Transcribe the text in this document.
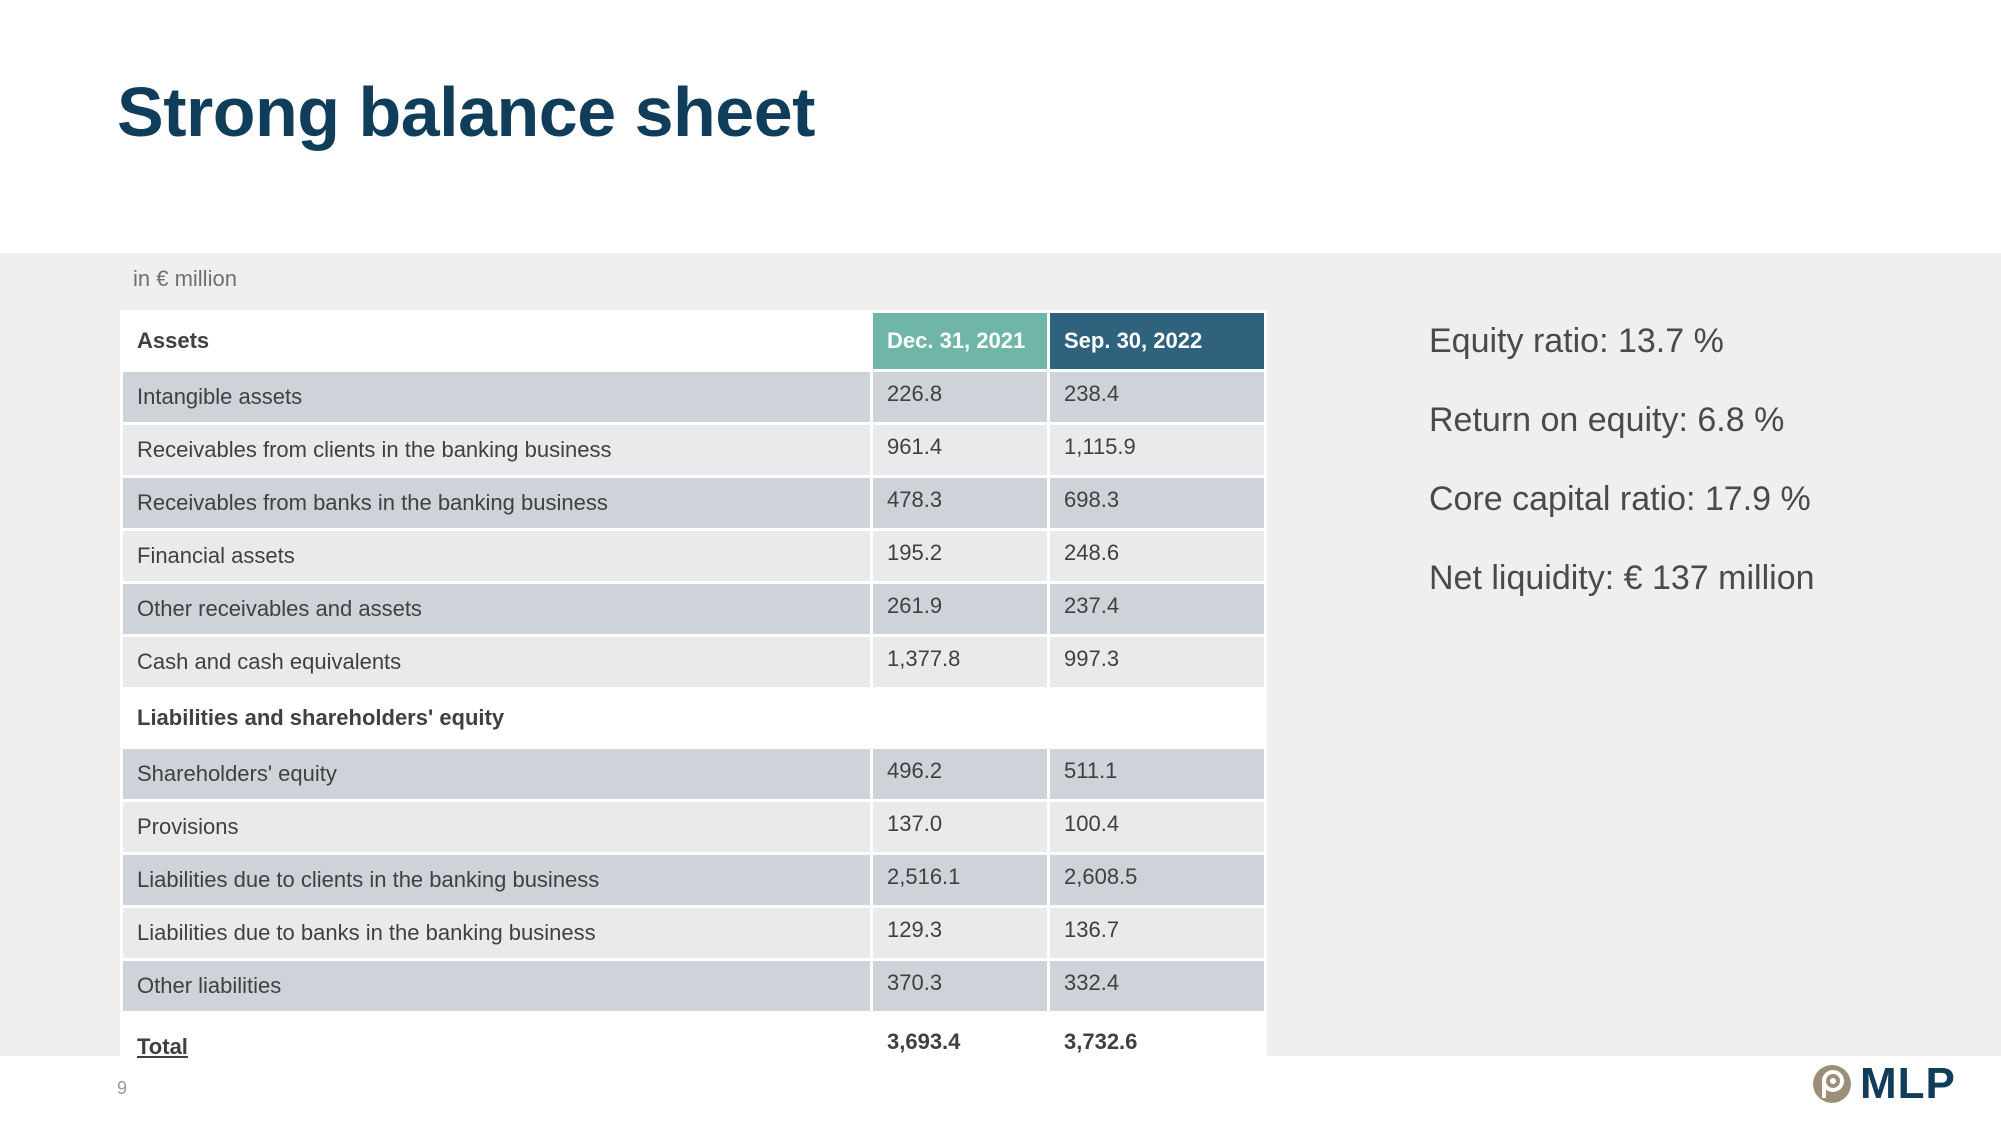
Strong balance sheet
in € million
Assets	Dec. 31, 2021	Sep. 30, 2022
Intangible assets	226.8	238.4
Receivables from clients in the banking business	961.4	1,115.9
Receivables from banks in the banking business	478.3	698.3
Financial assets	195.2	248.6
Other receivables and assets	261.9	237.4
Cash and cash equivalents	1,377.8	997.3
Liabilities and shareholders' equity		
Shareholders' equity	496.2	511.1
Provisions	137.0	100.4
Liabilities due to clients in the banking business	2,516.1	2,608.5
Liabilities due to banks in the banking business	129.3	136.7
Other liabilities	370.3	332.4
Total	3,693.4	3,732.6
Equity ratio: 13.7 %
Return on equity: 6.8 %
Core capital ratio: 17.9 %
Net liquidity: € 137 million
9	MLP
